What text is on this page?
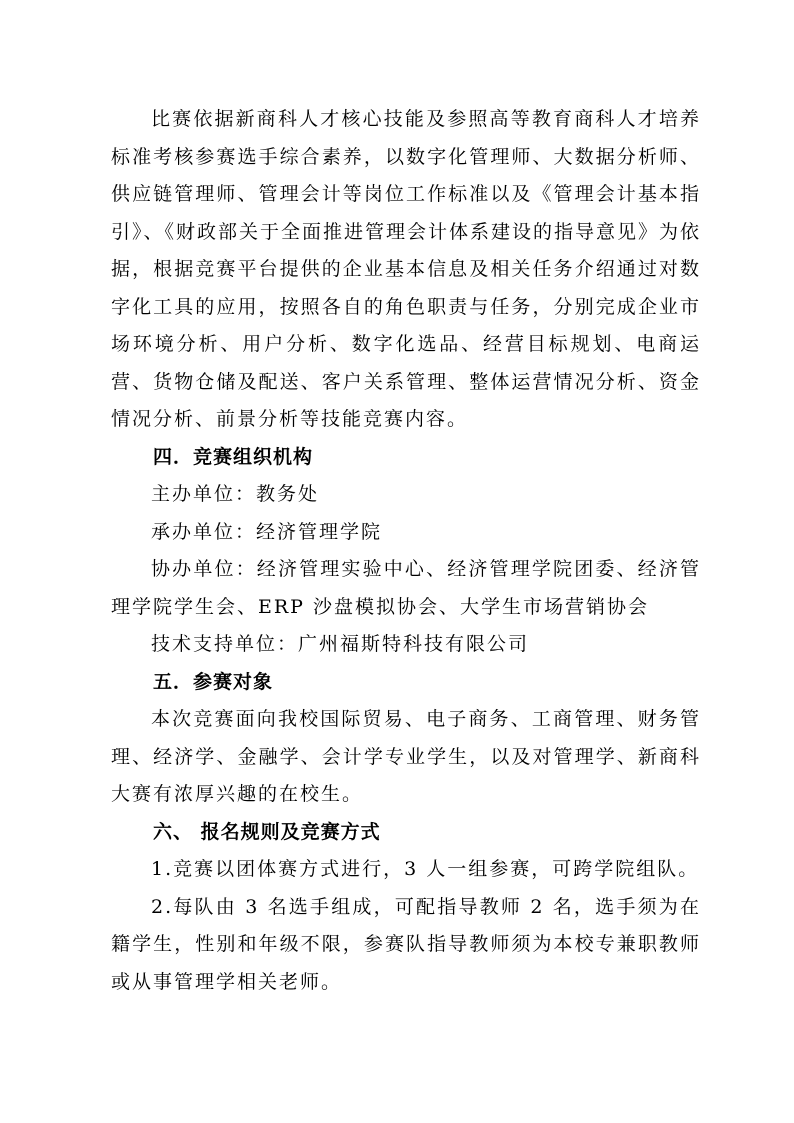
比赛依据新商科人才核心技能及参照高等教育商科人才培养标准考核参赛选手综合素养，以数字化管理师、大数据分析师、供应链管理师、管理会计等岗位工作标准以及《管理会计基本指引》、《财政部关于全面推进管理会计体系建设的指导意见》为依据，根据竞赛平台提供的企业基本信息及相关任务介绍通过对数字化工具的应用，按照各自的角色职责与任务，分别完成企业市场环境分析、用户分析、数字化选品、经营目标规划、电商运营、货物仓储及配送、客户关系管理、整体运营情况分析、资金情况分析、前景分析等技能竞赛内容。

四．竞赛组织机构

主办单位：教务处

承办单位：经济管理学院

协办单位：经济管理实验中心、经济管理学院团委、经济管理学院学生会、ERP 沙盘模拟协会、大学生市场营销协会

技术支持单位：广州福斯特科技有限公司

五．参赛对象

本次竞赛面向我校国际贸易、电子商务、工商管理、财务管理、经济学、金融学、会计学专业学生，以及对管理学、新商科大赛有浓厚兴趣的在校生。

六、 报名规则及竞赛方式

1.竞赛以团体赛方式进行，3 人一组参赛，可跨学院组队。

2.每队由 3 名选手组成，可配指导教师 2 名，选手须为在籍学生，性别和年级不限，参赛队指导教师须为本校专兼职教师或从事管理学相关老师。
